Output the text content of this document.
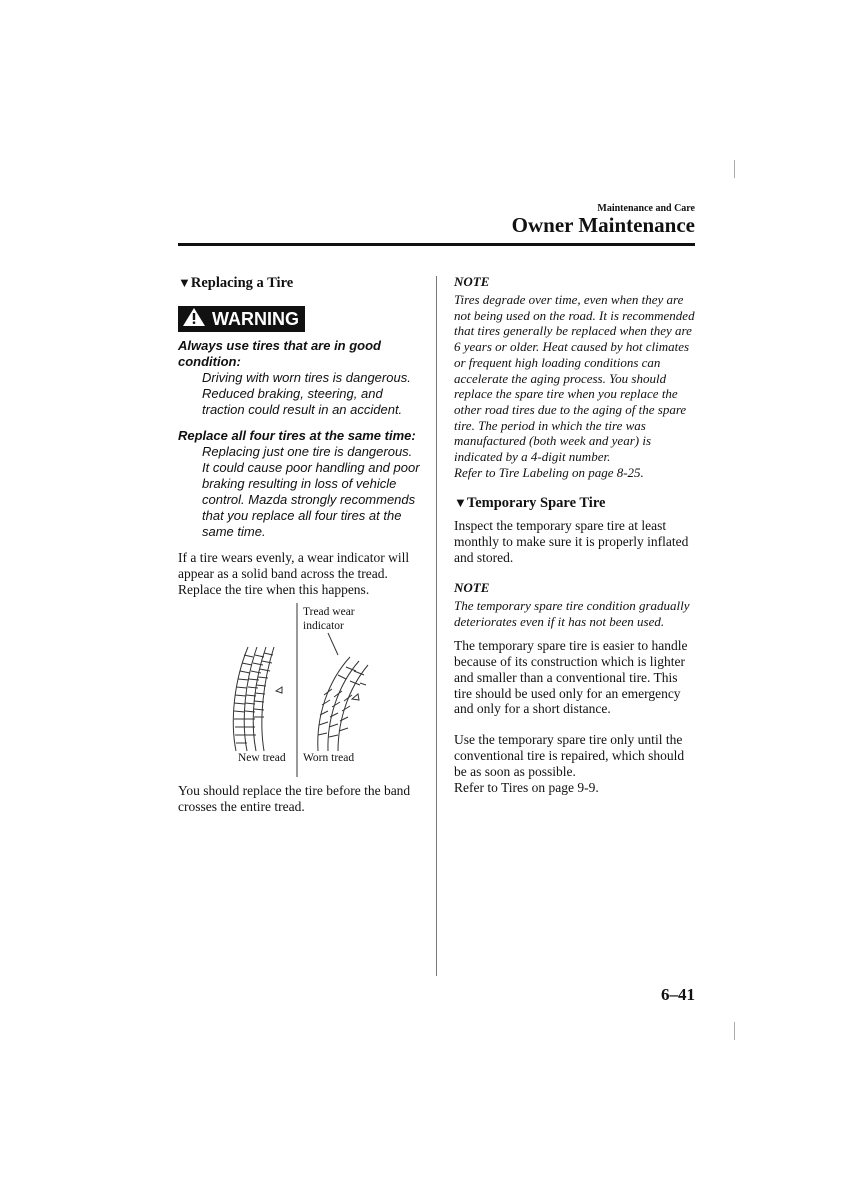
Maintenance and Care
Owner Maintenance
▼Replacing a Tire
WARNING
Always use tires that are in good condition:
Driving with worn tires is dangerous. Reduced braking, steering, and traction could result in an accident.
Replace all four tires at the same time:
Replacing just one tire is dangerous. It could cause poor handling and poor braking resulting in loss of vehicle control. Mazda strongly recommends that you replace all four tires at the same time.

If a tire wears evenly, a wear indicator will appear as a solid band across the tread. Replace the tire when this happens.

Tread wear
indicator
New tread Worn tread

You should replace the tire before the band crosses the entire tread.

NOTE
Tires degrade over time, even when they are not being used on the road. It is recommended that tires generally be replaced when they are 6 years or older. Heat caused by hot climates or frequent high loading conditions can accelerate the aging process. You should replace the spare tire when you replace the other road tires due to the aging of the spare tire. The period in which the tire was manufactured (both week and year) is indicated by a 4-digit number.
Refer to Tire Labeling on page 8-25.
▼Temporary Spare Tire

Inspect the temporary spare tire at least monthly to make sure it is properly inflated and stored.

NOTE
The temporary spare tire condition gradually deteriorates even if it has not been used.

The temporary spare tire is easier to handle because of its construction which is lighter and smaller than a conventional tire. This tire should be used only for an emergency and only for a short distance.

Use the temporary spare tire only until the conventional tire is repaired, which should be as soon as possible.

Refer to Tires on page 9-9.

6–41
